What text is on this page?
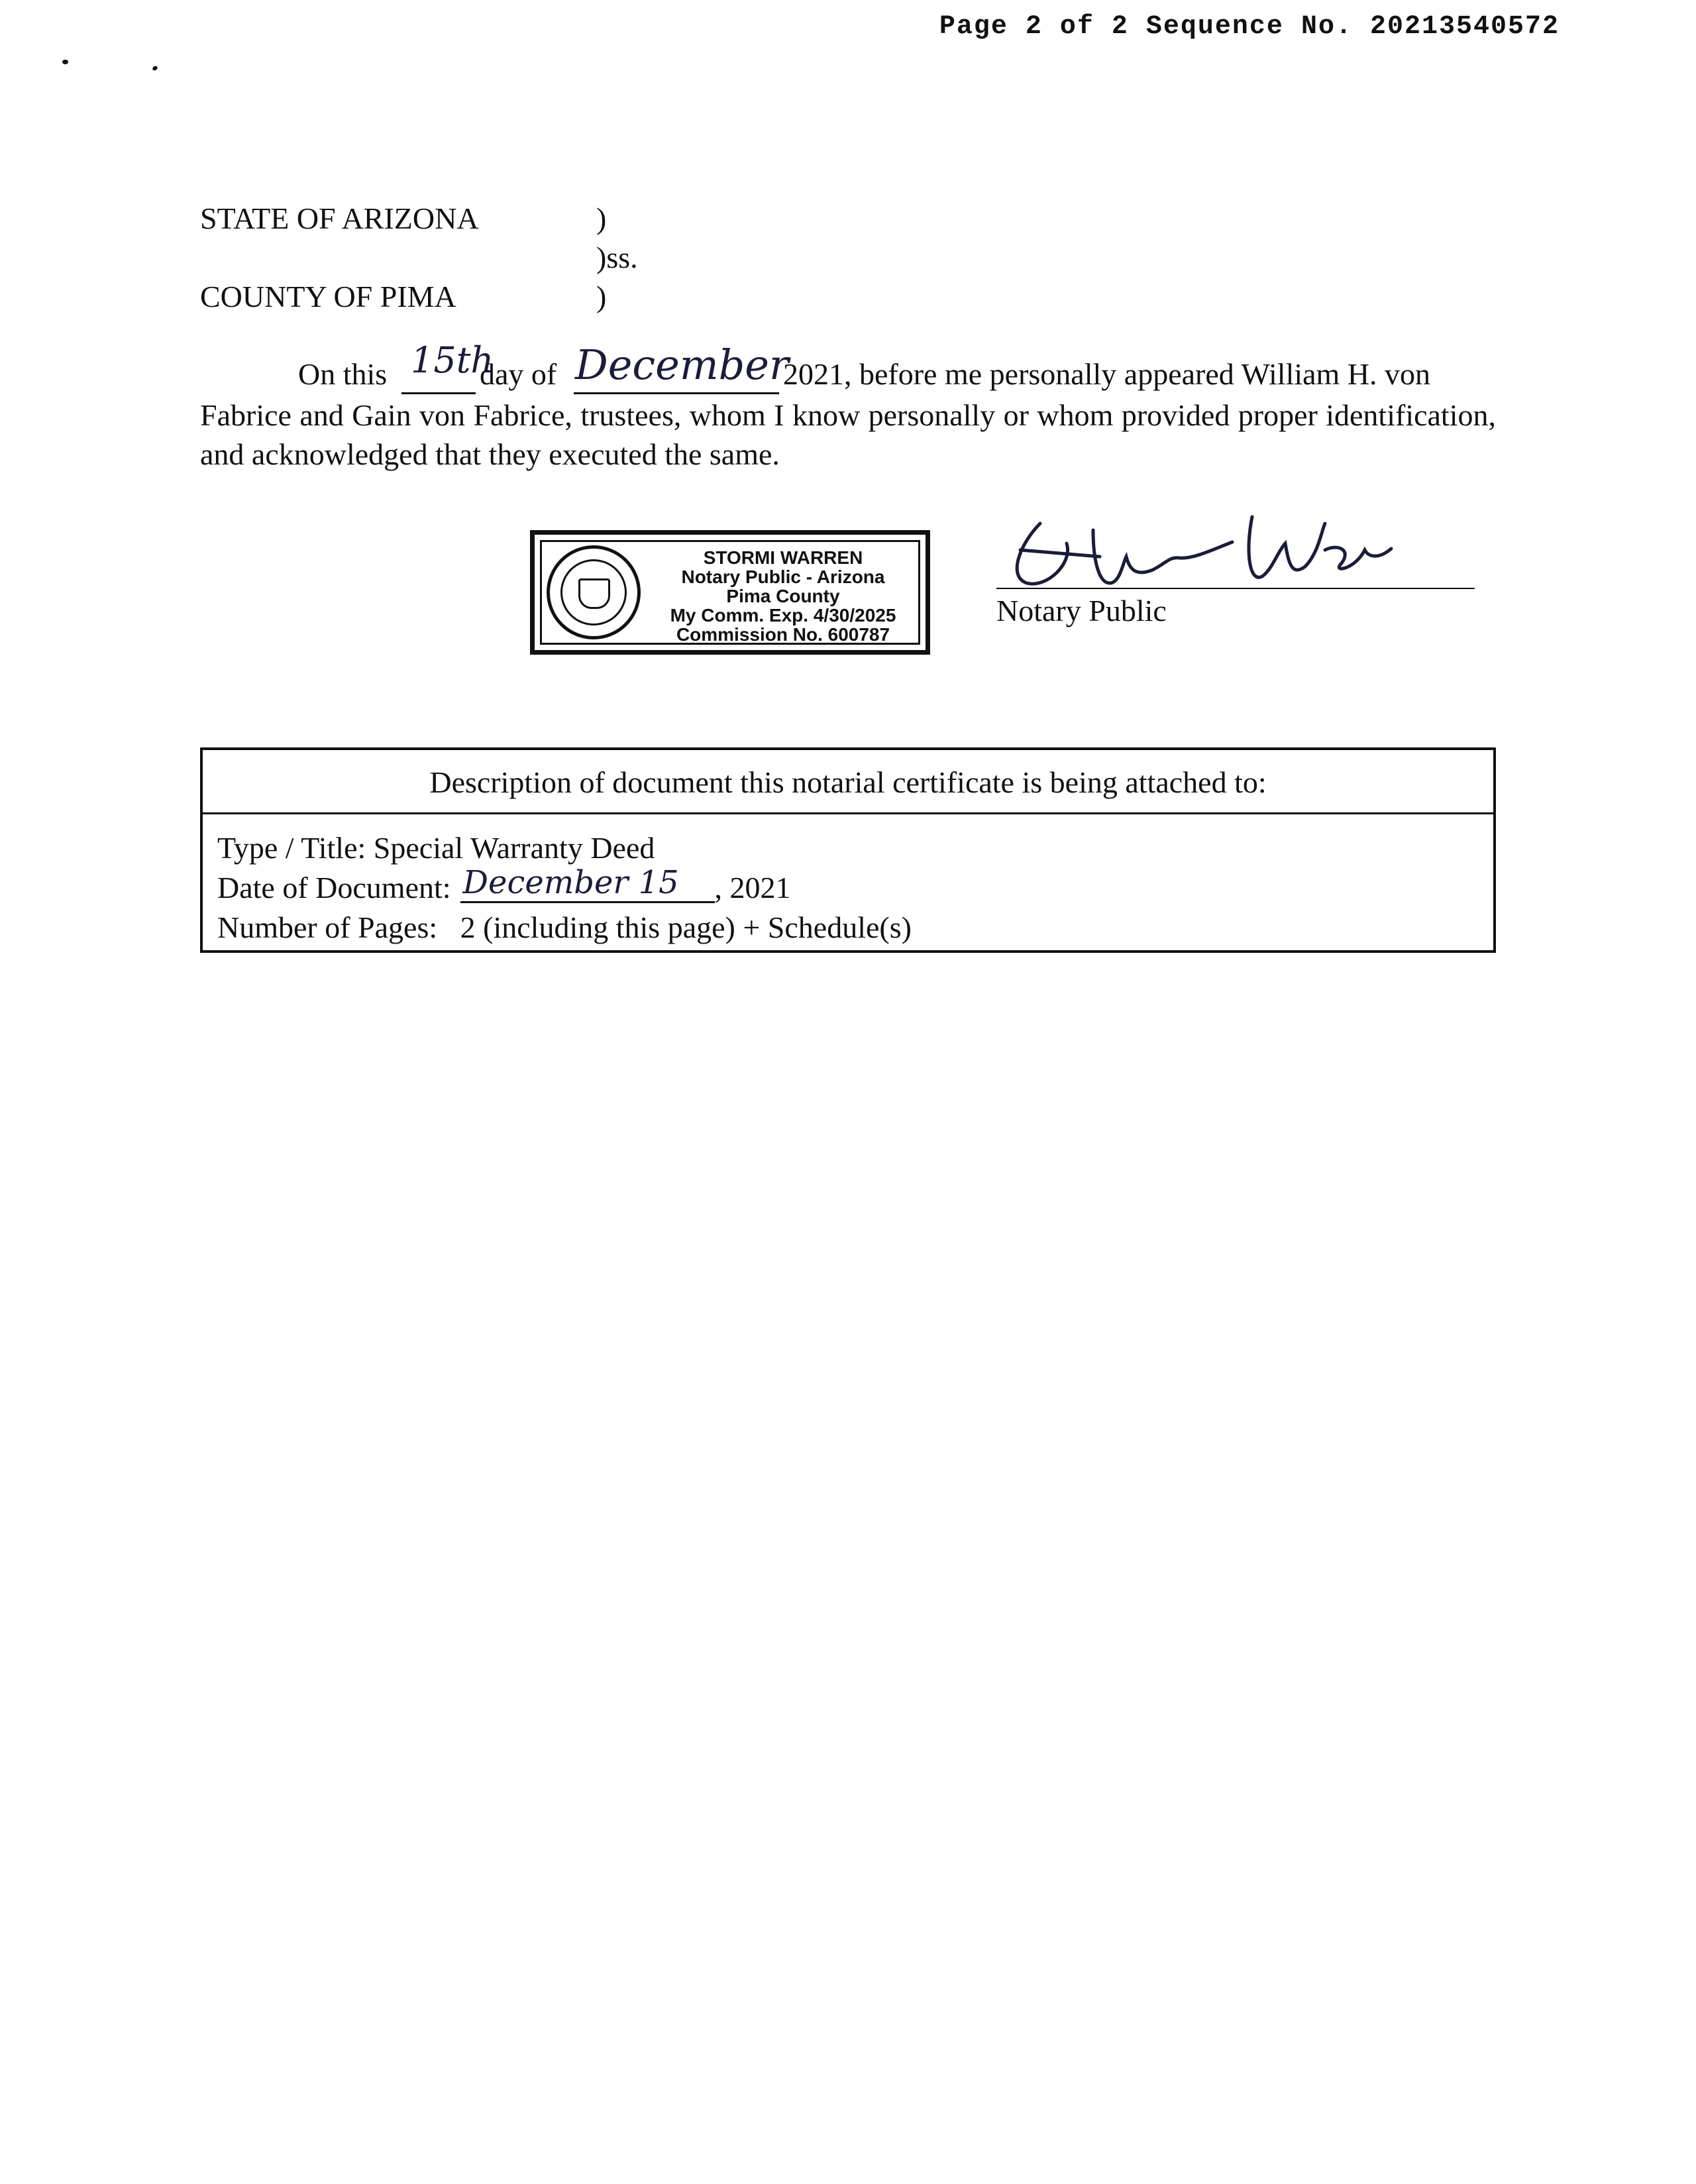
Page 2 of 2 Sequence No. 20213540572
STATE OF ARIZONA	)
)ss.
COUNTY OF PIMA	)
On this 15th
day of December
2021, before me personally appeared William H. von
Fabrice and Gain von Fabrice, trustees, whom I know personally or whom provided proper identification, and acknowledged that they executed the same.
STORMI WARREN
Notary Public - Arizona
Pima County
My Comm. Exp. 4/30/2025
Commission No. 600787
Notary Public
Description of document this notarial certificate is being attached to:
Type / Title: Special Warranty Deed
Date of Document: December 15 , 2021
Number of Pages: 2 (including this page) + Schedule(s)
